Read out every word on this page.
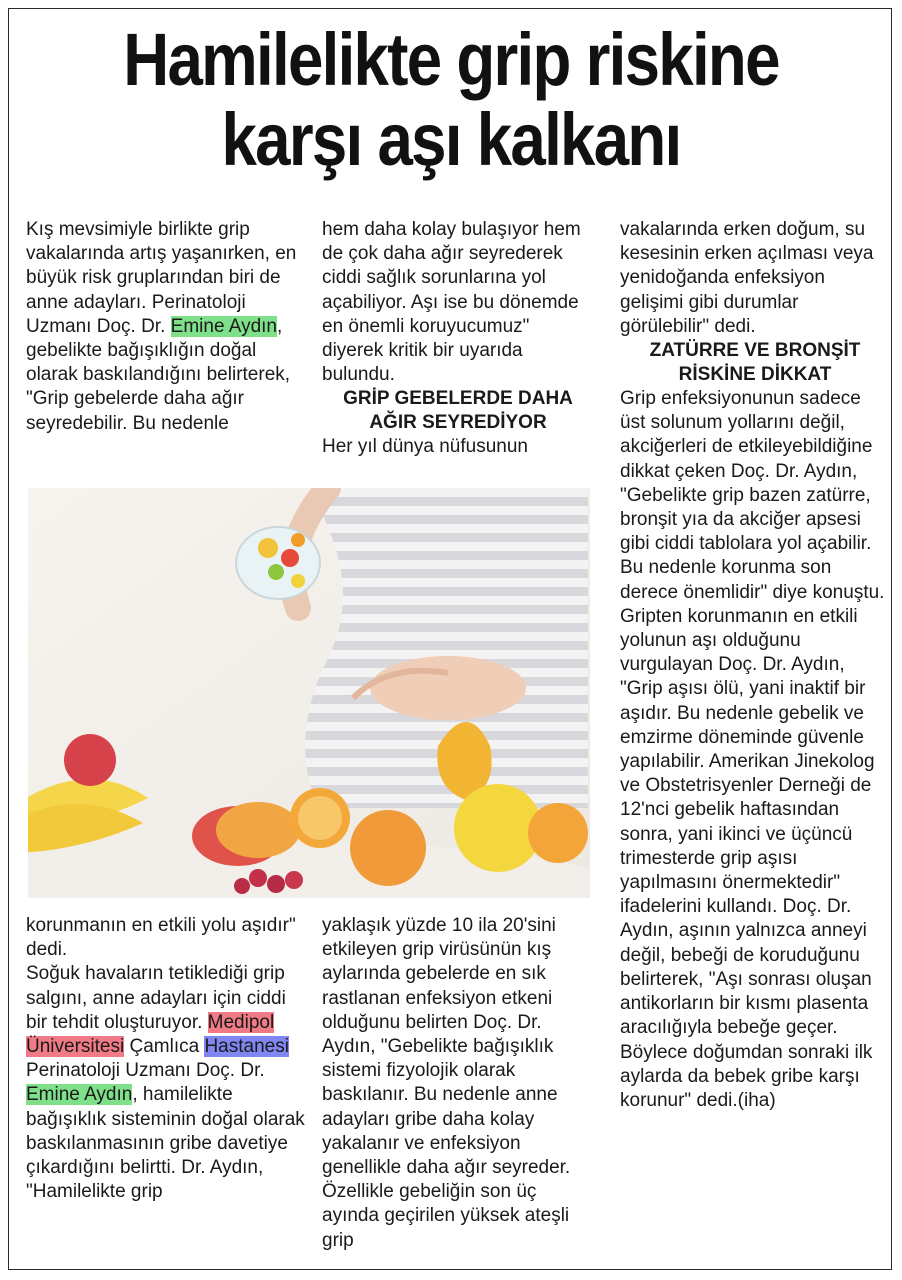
Hamilelikte grip riskine
karşı aşı kalkanı

Kış mevsimiyle birlikte grip vakalarında artış yaşanırken, en büyük risk gruplarından biri de anne adayları. Perinatoloji Uzmanı Doç. Dr. Emine Aydın, gebelikte bağışıklığın doğal olarak baskılandığını belirterek, "Grip gebelerde daha ağır seyredebilir. Bu nedenle

hem daha kolay bulaşıyor hem de çok daha ağır seyrederek ciddi sağlık sorunlarına yol açabiliyor. Aşı ise bu dönemde en önemli koruyucumuz" diyerek kritik bir uyarıda bulundu.

GRİP GEBELERDE DAHA AĞIR SEYREDİYOR

Her yıl dünya nüfusunun

vakalarında erken doğum, su kesesinin erken açılması veya yenidoğanda enfeksiyon gelişimi gibi durumlar görülebilir" dedi.

ZATÜRRE VE BRONŞİT RİSKİNE DİKKAT

Grip enfeksiyonunun sadece üst solunum yollarını değil, akciğerleri de etkileyebildiğine dikkat çeken Doç. Dr. Aydın, "Gebelikte grip bazen zatürre, bronşit yıa da akciğer apsesi gibi ciddi tablolara yol açabilir. Bu nedenle korunma son derece önemlidir" diye konuştu. Gripten korunmanın en etkili yolunun aşı olduğunu vurgulayan Doç. Dr. Aydın, "Grip aşısı ölü, yani inaktif bir aşıdır. Bu nedenle gebelik ve emzirme döneminde güvenle yapılabilir. Amerikan Jinekolog ve Obstetrisyenler Derneği de 12'nci gebelik haftasından sonra, yani ikinci ve üçüncü trimesterde grip aşısı yapılmasını önermektedir" ifadelerini kullandı. Doç. Dr. Aydın, aşının yalnızca anneyi değil, bebeği de koruduğunu belirterek, "Aşı sonrası oluşan antikorların bir kısmı plasenta aracılığıyla bebeğe geçer. Böylece doğumdan sonraki ilk aylarda da bebek gribe karşı korunur" dedi.(iha)

korunmanın en etkili yolu aşıdır" dedi.

Soğuk havaların tetiklediği grip salgını, anne adayları için ciddi bir tehdit oluşturuyor. Medipol Üniversitesi Çamlıca Hastanesi Perinatoloji Uzmanı Doç. Dr. Emine Aydın, hamilelikte bağışıklık sisteminin doğal olarak baskılanmasının gribe davetiye çıkardığını belirtti. Dr. Aydın, "Hamilelikte grip

yaklaşık yüzde 10 ila 20'sini etkileyen grip virüsünün kış aylarında gebelerde en sık rastlanan enfeksiyon etkeni olduğunu belirten Doç. Dr. Aydın, "Gebelikte bağışıklık sistemi fizyolojik olarak baskılanır. Bu nedenle anne adayları gribe daha kolay yakalanır ve enfeksiyon genellikle daha ağır seyreder. Özellikle gebeliğin son üç ayında geçirilen yüksek ateşli grip
